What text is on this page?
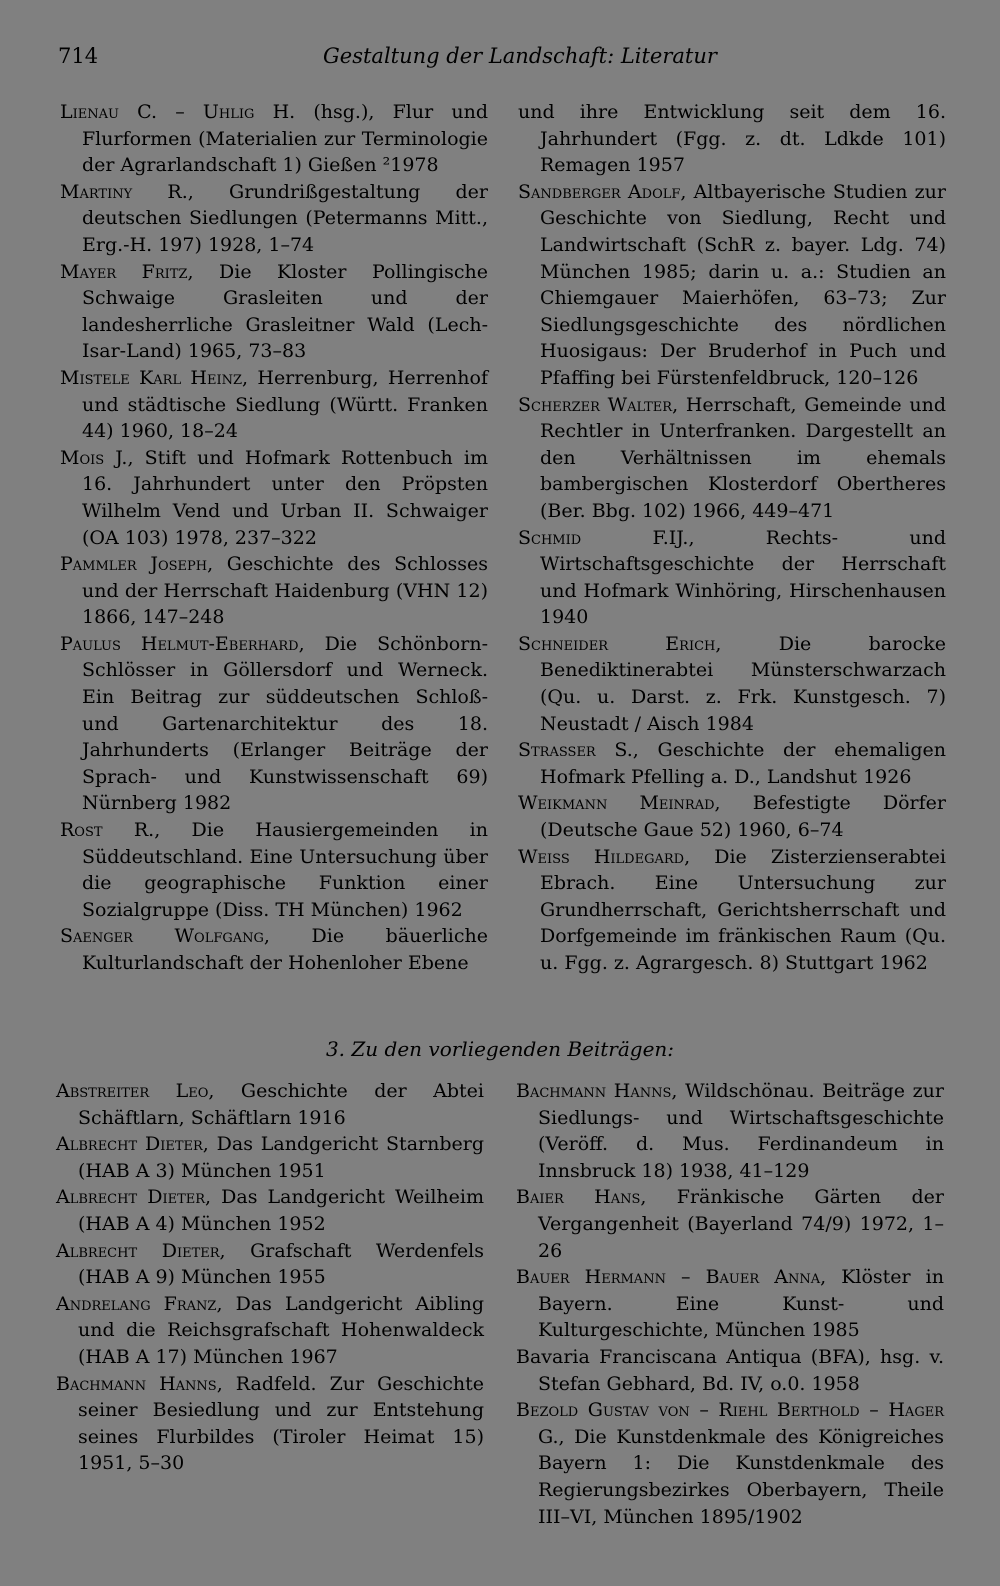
714	Gestaltung der Landschaft: Literatur

Lienau C. – Uhlig H. (hsg.), Flur und Flurformen (Materialien zur Terminologie der Agrarlandschaft 1) Gießen ²1978

Martiny R., Grundrißgestaltung der deutschen Siedlungen (Petermanns Mitt., Erg.-H. 197) 1928, 1–74

Mayer Fritz, Die Kloster Pollingische Schwaige Grasleiten und der landesherrliche Grasleitner Wald (Lech-Isar-Land) 1965, 73–83

Mistele Karl Heinz, Herrenburg, Herrenhof und städtische Siedlung (Württ. Franken 44) 1960, 18–24

Mois J., Stift und Hofmark Rottenbuch im 16. Jahrhundert unter den Pröpsten Wilhelm Vend und Urban II. Schwaiger (OA 103) 1978, 237–322

Pammler Joseph, Geschichte des Schlosses und der Herrschaft Haidenburg (VHN 12) 1866, 147–248

Paulus Helmut-Eberhard, Die Schönborn-Schlösser in Göllersdorf und Werneck. Ein Beitrag zur süddeutschen Schloß- und Gartenarchitektur des 18. Jahrhunderts (Erlanger Beiträge der Sprach- und Kunstwissenschaft 69) Nürnberg 1982

Rost R., Die Hausiergemeinden in Süddeutschland. Eine Untersuchung über die geographische Funktion einer Sozialgruppe (Diss. TH München) 1962

Saenger Wolfgang, Die bäuerliche Kulturlandschaft der Hohenloher Ebene

und ihre Entwicklung seit dem 16. Jahrhundert (Fgg. z. dt. Ldkde 101) Remagen 1957

Sandberger Adolf, Altbayerische Studien zur Geschichte von Siedlung, Recht und Landwirtschaft (SchR z. bayer. Ldg. 74) München 1985; darin u. a.: Studien an Chiemgauer Maierhöfen, 63–73; Zur Siedlungsgeschichte des nördlichen Huosigaus: Der Bruderhof in Puch und Pfaffing bei Fürstenfeldbruck, 120–126

Scherzer Walter, Herrschaft, Gemeinde und Rechtler in Unterfranken. Dargestellt an den Verhältnissen im ehemals bambergischen Klosterdorf Obertheres (Ber. Bbg. 102) 1966, 449–471

Schmid F.IJ., Rechts- und Wirtschaftsgeschichte der Herrschaft und Hofmark Winhöring, Hirschenhausen 1940

Schneider Erich, Die barocke Benediktinerabtei Münsterschwarzach (Qu. u. Darst. z. Frk. Kunstgesch. 7) Neustadt / Aisch 1984

Strasser S., Geschichte der ehemaligen Hofmark Pfelling a. D., Landshut 1926

Weikmann Meinrad, Befestigte Dörfer (Deutsche Gaue 52) 1960, 6–74

Weiss Hildegard, Die Zisterzienserabtei Ebrach. Eine Untersuchung zur Grundherrschaft, Gerichtsherrschaft und Dorfgemeinde im fränkischen Raum (Qu. u. Fgg. z. Agrargesch. 8) Stuttgart 1962

3. Zu den vorliegenden Beiträgen:

Abstreiter Leo, Geschichte der Abtei Schäftlarn, Schäftlarn 1916

Albrecht Dieter, Das Landgericht Starnberg (HAB A 3) München 1951

Albrecht Dieter, Das Landgericht Weilheim (HAB A 4) München 1952

Albrecht Dieter, Grafschaft Werdenfels (HAB A 9) München 1955

Andrelang Franz, Das Landgericht Aibling und die Reichsgrafschaft Hohenwaldeck (HAB A 17) München 1967

Bachmann Hanns, Radfeld. Zur Geschichte seiner Besiedlung und zur Entstehung seines Flurbildes (Tiroler Heimat 15) 1951, 5–30

Bachmann Hanns, Wildschönau. Beiträge zur Siedlungs- und Wirtschaftsgeschichte (Veröff. d. Mus. Ferdinandeum in Innsbruck 18) 1938, 41–129

Baier Hans, Fränkische Gärten der Vergangenheit (Bayerland 74/9) 1972, 1–26

Bauer Hermann – Bauer Anna, Klöster in Bayern. Eine Kunst- und Kulturgeschichte, München 1985

Bavaria Franciscana Antiqua (BFA), hsg. v. Stefan Gebhard, Bd. IV, o.0. 1958

Bezold Gustav von – Riehl Berthold – Hager G., Die Kunstdenkmale des Königreiches Bayern 1: Die Kunstdenkmale des Regierungsbezirkes Oberbayern, Theile III–VI, München 1895/1902
